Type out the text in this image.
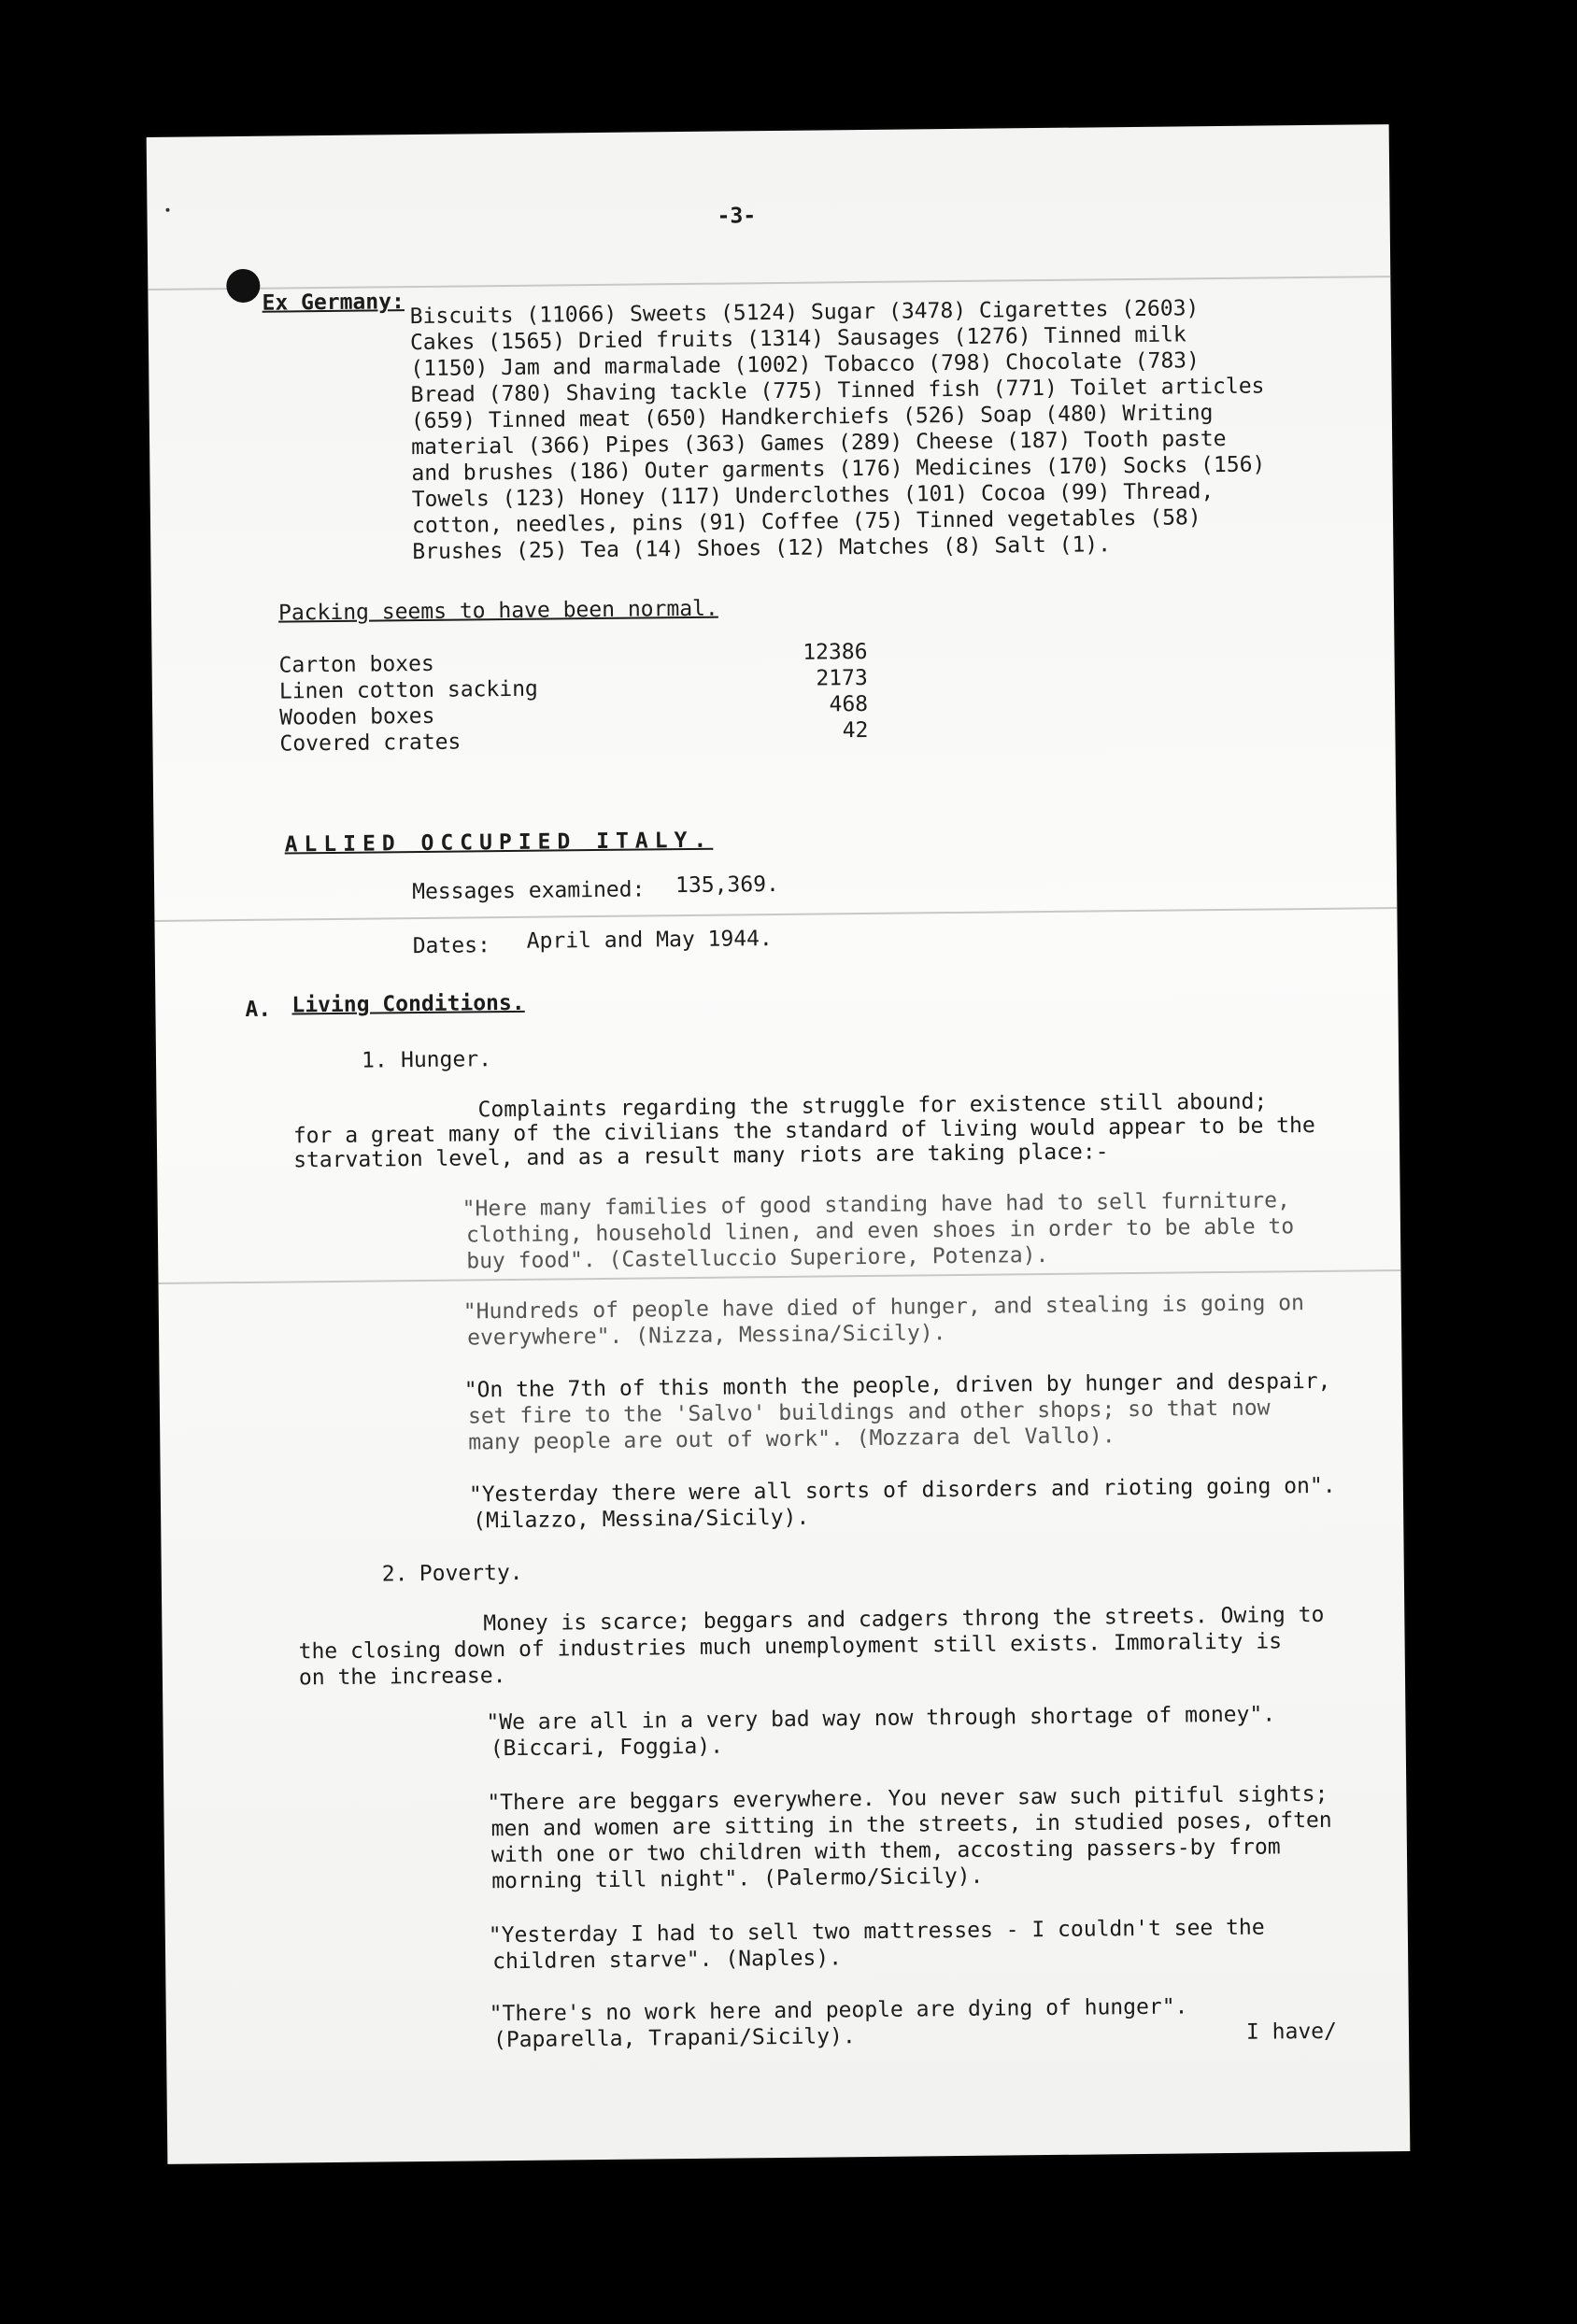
-3-
Ex Germany: Biscuits (11066) Sweets (5124) Sugar (3478) Cigarettes (2603)
Cakes (1565) Dried fruits (1314) Sausages (1276) Tinned milk
(1150) Jam and marmalade (1002) Tobacco (798) Chocolate (783)
Bread (780) Shaving tackle (775) Tinned fish (771) Toilet articles
(659) Tinned meat (650) Handkerchiefs (526) Soap (480) Writing
material (366) Pipes (363) Games (289) Cheese (187) Tooth paste
and brushes (186) Outer garments (176) Medicines (170) Socks (156)
Towels (123) Honey (117) Underclothes (101) Cocoa (99) Thread,
cotton, needles, pins (91) Coffee (75) Tinned vegetables (58)
Brushes (25) Tea (14) Shoes (12) Matches (8) Salt (1).
Packing seems to have been normal.
Carton boxes	12386
Linen cotton sacking	2173
Wooden boxes	468
Covered crates	42
ALLIED OCCUPIED ITALY.
Messages examined: 135,369.
Dates: April and May 1944.
A. Living Conditions.
1. Hunger.
Complaints regarding the struggle for existence still abound;
for a great many of the civilians the standard of living would appear to be the
starvation level, and as a result many riots are taking place:-
"Here many families of good standing have had to sell furniture,
clothing, household linen, and even shoes in order to be able to
buy food". (Castelluccio Superiore, Potenza).
"Hundreds of people have died of hunger, and stealing is going on
everywhere". (Nizza, Messina/Sicily).
"On the 7th of this month the people, driven by hunger and despair,
set fire to the 'Salvo' buildings and other shops; so that now
many people are out of work". (Mozzara del Vallo).
"Yesterday there were all sorts of disorders and rioting going on".
(Milazzo, Messina/Sicily).
2. Poverty.
Money is scarce; beggars and cadgers throng the streets. Owing to
the closing down of industries much unemployment still exists. Immorality is
on the increase.
"We are all in a very bad way now through shortage of money".
(Biccari, Foggia).
"There are beggars everywhere. You never saw such pitiful sights;
men and women are sitting in the streets, in studied poses, often
with one or two children with them, accosting passers-by from
morning till night". (Palermo/Sicily).
"Yesterday I had to sell two mattresses - I couldn't see the
children starve". (Naples).
"There's no work here and people are dying of hunger".
(Paparella, Trapani/Sicily).	I have/
